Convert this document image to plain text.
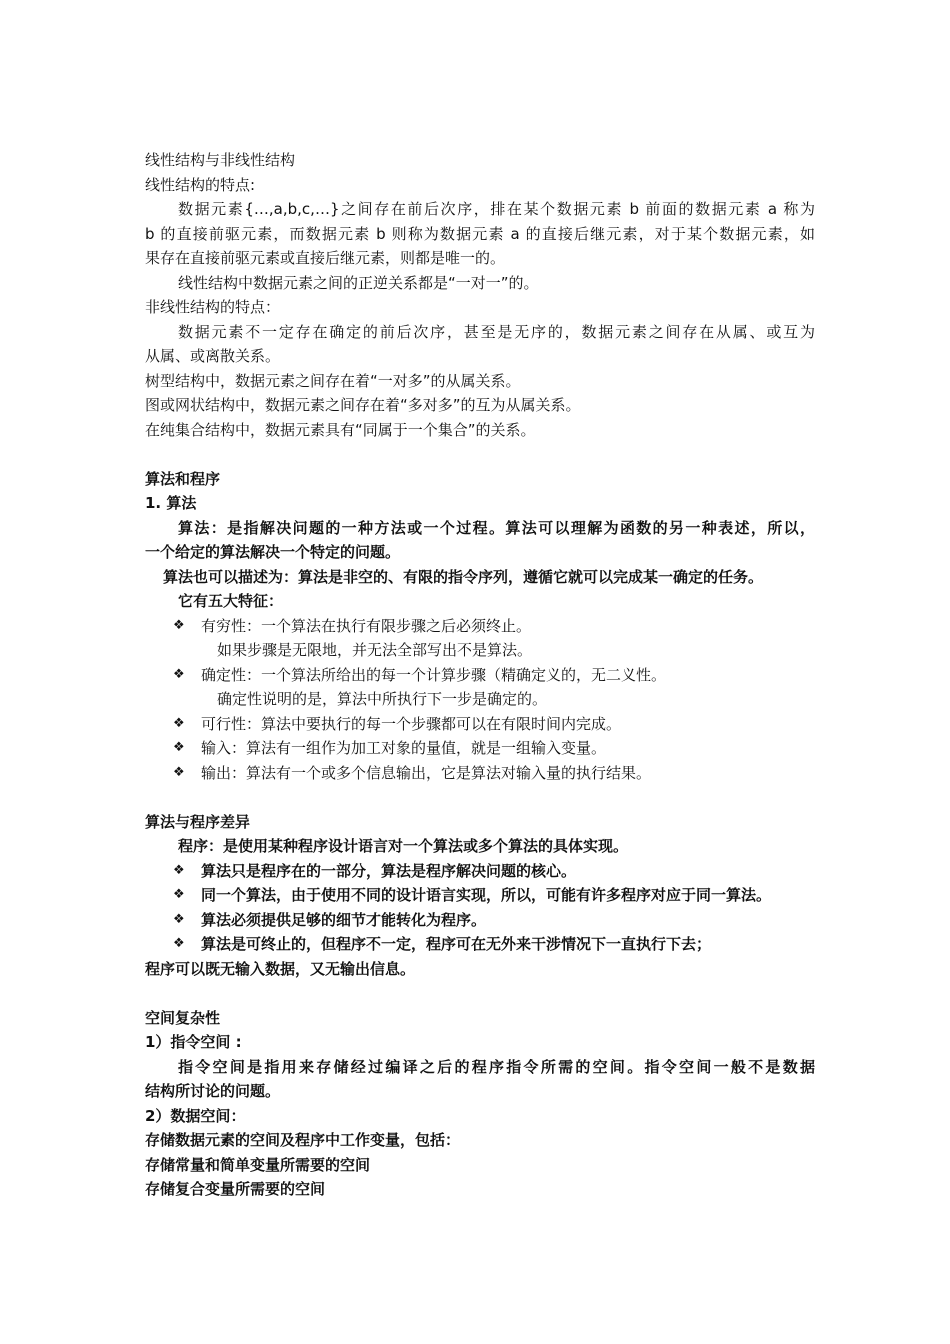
线性结构与非线性结构
线性结构的特点:
数据元素{…,a,b,c,…}之间存在前后次序，排在某个数据元素 b 前面的数据元素 a 称为
b 的直接前驱元素，而数据元素 b 则称为数据元素 a 的直接后继元素，对于某个数据元素，如
果存在直接前驱元素或直接后继元素，则都是唯一的。
线性结构中数据元素之间的正逆关系都是“一对一”的。
非线性结构的特点：
数据元素不一定存在确定的前后次序，甚至是无序的，数据元素之间存在从属、或互为
从属、或离散关系。
树型结构中，数据元素之间存在着“一对多”的从属关系。
图或网状结构中，数据元素之间存在着“多对多”的互为从属关系。
在纯集合结构中，数据元素具有“同属于一个集合”的关系。
算法和程序
1. 算法
算法：是指解决问题的一种方法或一个过程。算法可以理解为函数的另一种表述，所以，
一个给定的算法解决一个特定的问题。
算法也可以描述为：算法是非空的、有限的指令序列，遵循它就可以完成某一确定的任务。
它有五大特征：
❖ 有穷性：一个算法在执行有限步骤之后必须终止。
如果步骤是无限地，并无法全部写出不是算法。
❖ 确定性：一个算法所给出的每一个计算步骤（精确定义的，无二义性。
确定性说明的是，算法中所执行下一步是确定的。
❖ 可行性：算法中要执行的每一个步骤都可以在有限时间内完成。
❖ 输入：算法有一组作为加工对象的量值，就是一组输入变量。
❖ 输出：算法有一个或多个信息输出，它是算法对输入量的执行结果。
算法与程序差异
程序：是使用某种程序设计语言对一个算法或多个算法的具体实现。
❖ 算法只是程序在的一部分，算法是程序解决问题的核心。
❖ 同一个算法，由于使用不同的设计语言实现，所以，可能有许多程序对应于同一算法。
❖ 算法必须提供足够的细节才能转化为程序。
❖ 算法是可终止的，但程序不一定，程序可在无外来干涉情况下一直执行下去；
程序可以既无输入数据，又无输出信息。
空间复杂性
1）指令空间 :
指令空间是指用来存储经过编译之后的程序指令所需的空间。指令空间一般不是数据
结构所讨论的问题。
2）数据空间：
存储数据元素的空间及程序中工作变量，包括：
存储常量和简单变量所需要的空间
存储复合变量所需要的空间
